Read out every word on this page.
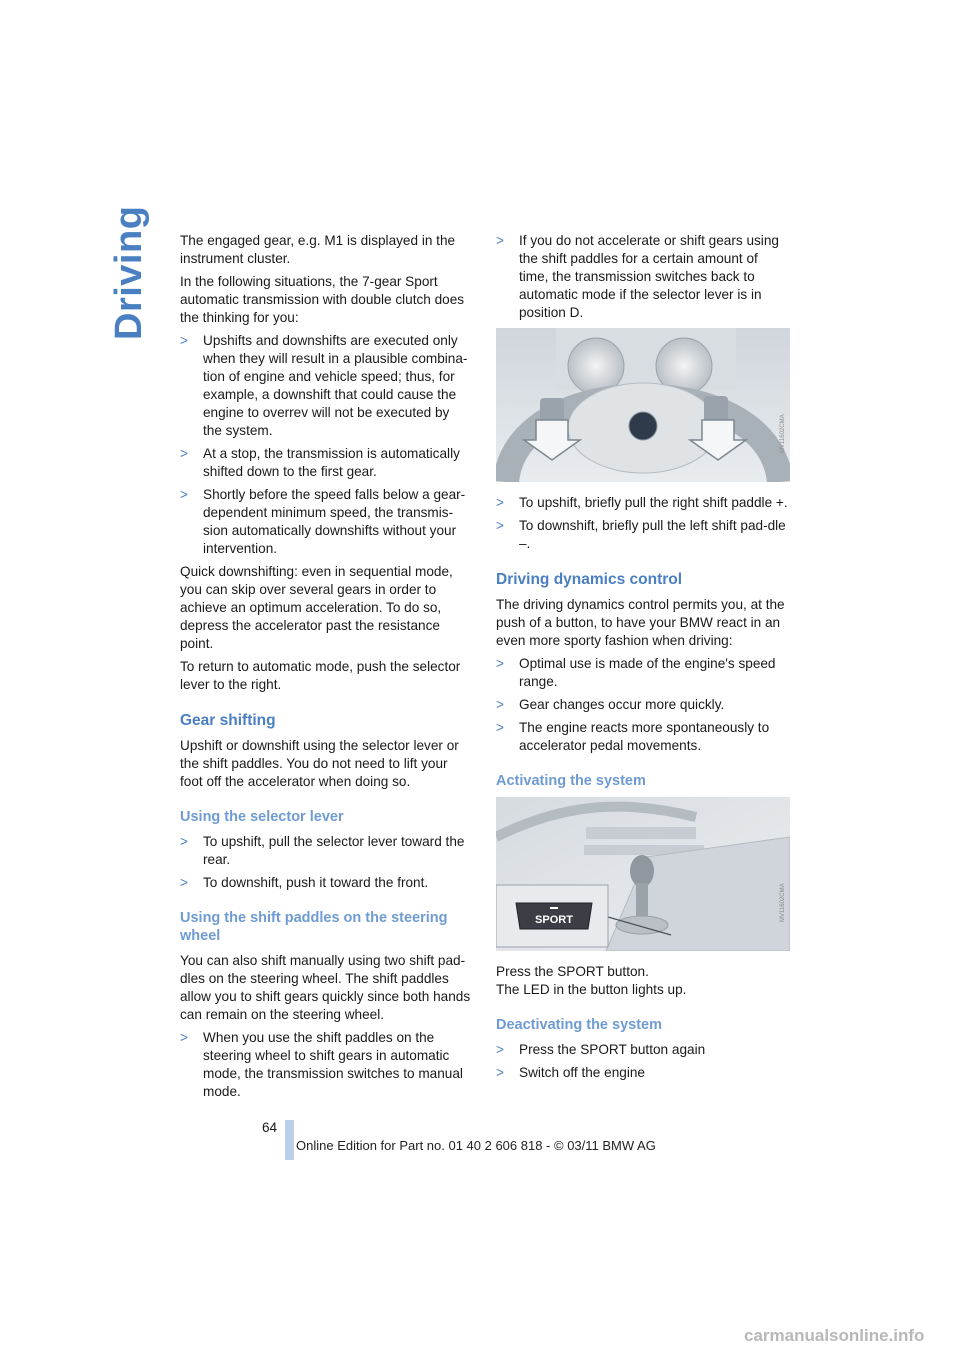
Driving The engaged gear, e.g. M1 is displayed in the instrument cluster.

In the following situations, the 7-gear Sport automatic transmission with double clutch does the thinking for you:

> Upshifts and downshifts are executed only when they will result in a plausible combina-tion of engine and vehicle speed; thus, for example, a downshift that could cause the engine to overrev will not be executed by the system.
> At a stop, the transmission is automatically shifted down to the first gear.
> Shortly before the speed falls below a gear-dependent minimum speed, the transmis-sion automatically downshifts without your intervention.

Quick downshifting: even in sequential mode, you can skip over several gears in order to achieve an optimum acceleration. To do so, depress the accelerator past the resistance point.

To return to automatic mode, push the selector lever to the right.

Gear shifting

Upshift or downshift using the selector lever or the shift paddles. You do not need to lift your foot off the accelerator when doing so.

Using the selector lever
> To upshift, pull the selector lever toward the rear.
> To downshift, push it toward the front.
Using the shift paddles on the steering wheel

You can also shift manually using two shift pad-dles on the steering wheel. The shift paddles allow you to shift gears quickly since both hands can remain on the steering wheel.

> When you use the shift paddles on the steering wheel to shift gears in automatic mode, the transmission switches to manual mode.
> If you do not accelerate or shift gears using the shift paddles for a certain amount of time, the transmission switches back to automatic mode if the selector lever is in position D.
MV11602CMA
> To upshift, briefly pull the right shift paddle +.
> To downshift, briefly pull the left shift pad-dle –.
Driving dynamics control

The driving dynamics control permits you, at the push of a button, to have your BMW react in an even more sporty fashion when driving:

> Optimal use is made of the engine's speed range.
> Gear changes occur more quickly.
> The engine reacts more spontaneously to accelerator pedal movements.
Activating the system
SPORT	MV11602CMA

Press the SPORT button.

The LED in the button lights up.

Deactivating the system
> Press the SPORT button again
> Switch off the engine
64
Online Edition for Part no. 01 40 2 606 818 - © 03/11 BMW AG
carmanualsonline.info
